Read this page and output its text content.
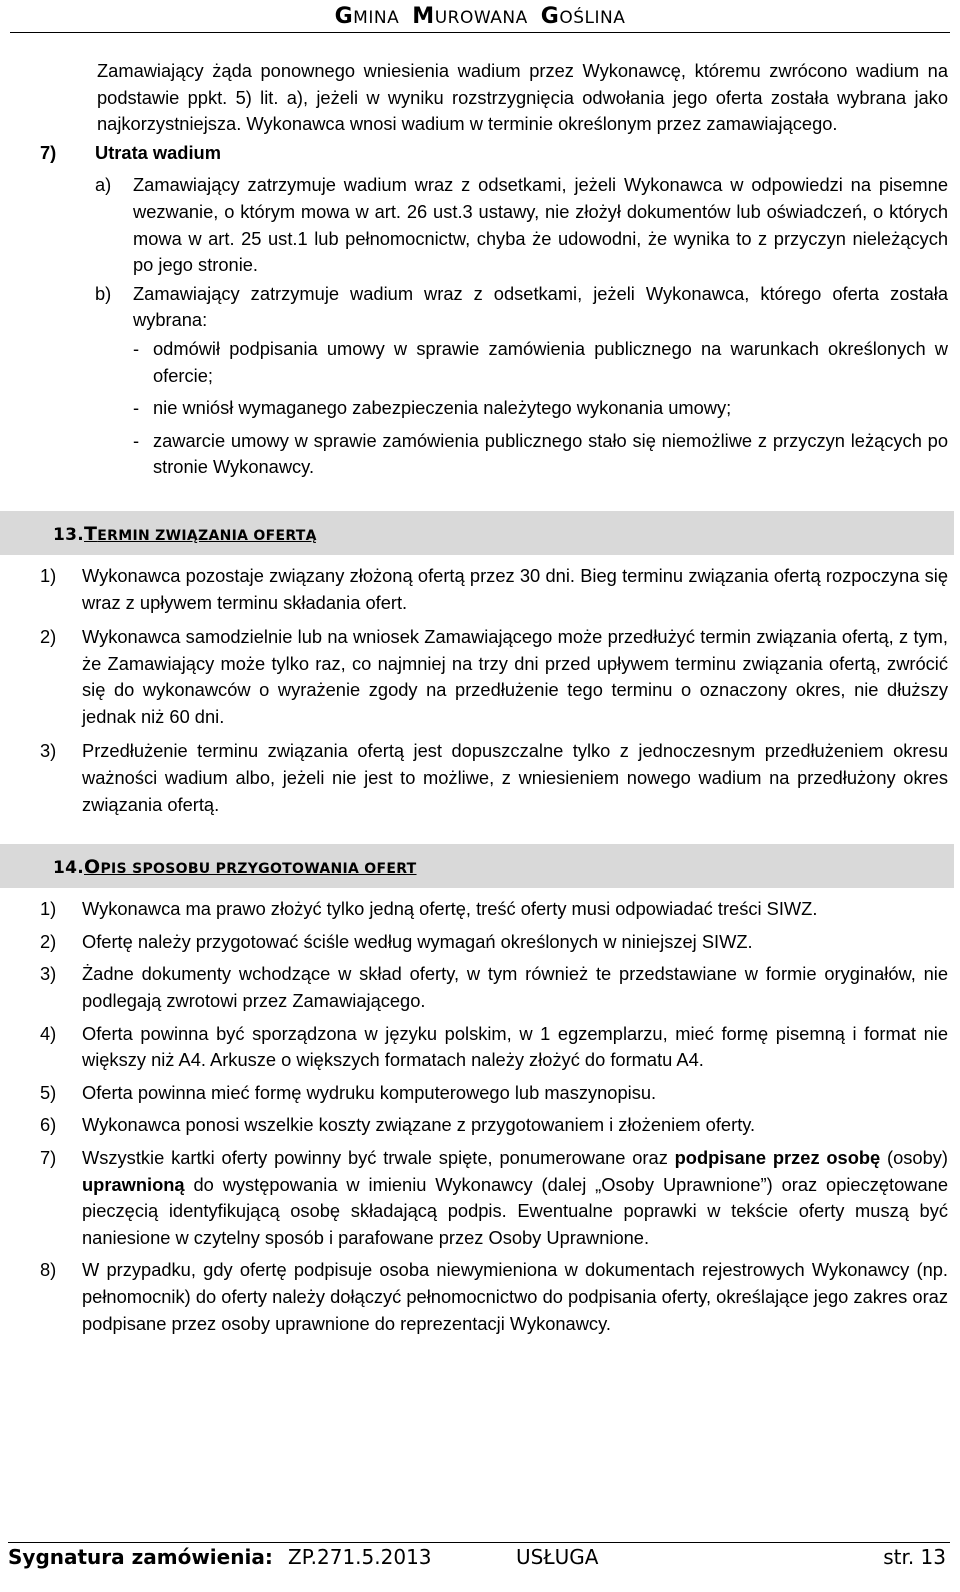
GMINA MUROWANA GOŚLINA

Zamawiający żąda ponownego wniesienia wadium przez Wykonawcę, któremu zwrócono wadium na podstawie ppkt. 5) lit. a), jeżeli w wyniku rozstrzygnięcia odwołania jego oferta została wybrana jako najkorzystniejsza. Wykonawca wnosi wadium w terminie określonym przez zamawiającego.

7) Utrata wadium

a) Zamawiający zatrzymuje wadium wraz z odsetkami, jeżeli Wykonawca w odpowiedzi na pisemne wezwanie, o którym mowa w art. 26 ust.3 ustawy, nie złożył dokumentów lub oświadczeń, o których mowa w art. 25 ust.1 lub pełnomocnictw, chyba że udowodni, że wynika to z przyczyn nieleżących po jego stronie.

b) Zamawiający zatrzymuje wadium wraz z odsetkami, jeżeli Wykonawca, którego oferta została wybrana:

- odmówił podpisania umowy w sprawie zamówienia publicznego na warunkach określonych w ofercie;

- nie wniósł wymaganego zabezpieczenia należytego wykonania umowy;

- zawarcie umowy w sprawie zamówienia publicznego stało się niemożliwe z przyczyn leżących po stronie Wykonawcy.

13.TERMIN ZWIĄZANIA OFERTĄ

1) Wykonawca pozostaje związany złożoną ofertą przez 30 dni. Bieg terminu związania ofertą rozpoczyna się wraz z upływem terminu składania ofert.

2) Wykonawca samodzielnie lub na wniosek Zamawiającego może przedłużyć termin związania ofertą, z tym, że Zamawiający może tylko raz, co najmniej na trzy dni przed upływem terminu związania ofertą, zwrócić się do wykonawców o wyrażenie zgody na przedłużenie tego terminu o oznaczony okres, nie dłuższy jednak niż 60 dni.

3) Przedłużenie terminu związania ofertą jest dopuszczalne tylko z jednoczesnym przedłużeniem okresu ważności wadium albo, jeżeli nie jest to możliwe, z wniesieniem nowego wadium na przedłużony okres związania ofertą.

14.OPIS SPOSOBU PRZYGOTOWANIA OFERT

1) Wykonawca ma prawo złożyć tylko jedną ofertę, treść oferty musi odpowiadać treści SIWZ.

2) Ofertę należy przygotować ściśle według wymagań określonych w niniejszej SIWZ.

3) Żadne dokumenty wchodzące w skład oferty, w tym również te przedstawiane w formie oryginałów, nie podlegają zwrotowi przez Zamawiającego.

4) Oferta powinna być sporządzona w języku polskim, w 1 egzemplarzu, mieć formę pisemną i format nie większy niż A4. Arkusze o większych formatach należy złożyć do formatu A4.

5) Oferta powinna mieć formę wydruku komputerowego lub maszynopisu.

6) Wykonawca ponosi wszelkie koszty związane z przygotowaniem i złożeniem oferty.

7) Wszystkie kartki oferty powinny być trwale spięte, ponumerowane oraz podpisane przez osobę (osoby) uprawnioną do występowania w imieniu Wykonawcy (dalej „Osoby Uprawnione”) oraz opieczętowane pieczęcią identyfikującą osobę składającą podpis. Ewentualne poprawki w tekście oferty muszą być naniesione w czytelny sposób i parafowane przez Osoby Uprawnione.

8) W przypadku, gdy ofertę podpisuje osoba niewymieniona w dokumentach rejestrowych Wykonawcy (np. pełnomocnik) do oferty należy dołączyć pełnomocnictwo do podpisania oferty, określające jego zakres oraz podpisane przez osoby uprawnione do reprezentacji Wykonawcy.

Sygnatura zamówienia: ZP.271.5.2013	USŁUGA	str. 13
